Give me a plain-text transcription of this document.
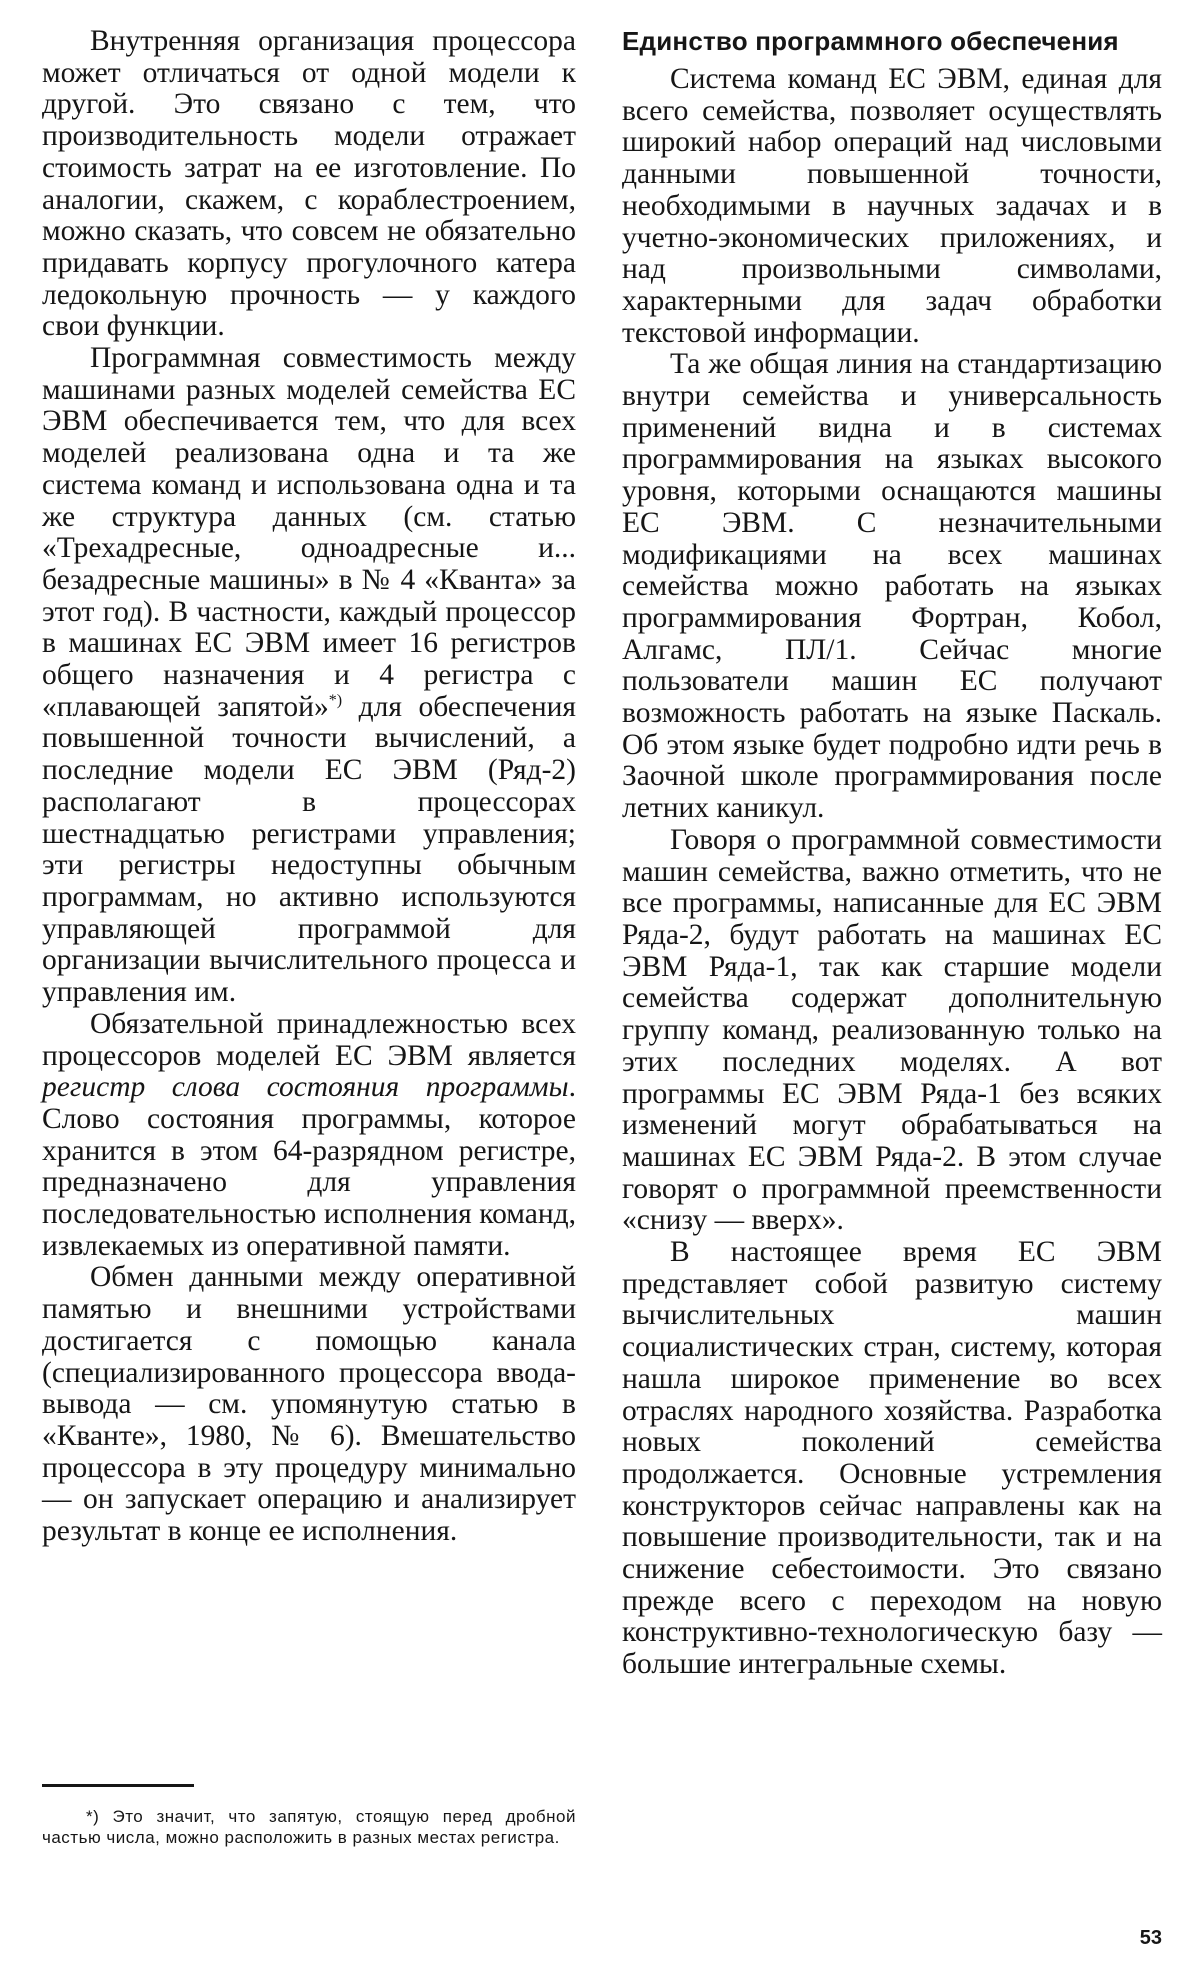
Внутренняя организация процессора может отличаться от одной модели к другой. Это связано с тем, что производительность модели отражает стоимость затрат на ее изготовление. По аналогии, скажем, с кораблестроением, можно сказать, что совсем не обязательно придавать корпусу прогулочного катера ледокольную прочность — у каждого свои функции.

Программная совместимость между машинами разных моделей семейства ЕС ЭВМ обеспечивается тем, что для всех моделей реализована одна и та же система команд и использована одна и та же структура данных (см. статью «Трехадресные, одноадресные и... безадресные машины» в № 4 «Кванта» за этот год). В частности, каждый процессор в машинах ЕС ЭВМ имеет 16 регистров общего назначения и 4 регистра с «плавающей запятой»*) для обеспечения повышенной точности вычислений, а последние модели ЕС ЭВМ (Ряд-2) располагают в процессорах шестнадцатью регистрами управления; эти регистры недоступны обычным программам, но активно используются управляющей программой для организации вычислительного процесса и управления им.

Обязательной принадлежностью всех процессоров моделей ЕС ЭВМ является регистр слова состояния программы. Слово состояния программы, которое хранится в этом 64-разрядном регистре, предназначено для управления последовательностью исполнения команд, извлекаемых из оперативной памяти.

Обмен данными между оперативной памятью и внешними устройствами достигается с помощью канала (специализированного процессора ввода-вывода — см. упомянутую статью в «Кванте», 1980, № 6). Вмешательство процессора в эту процедуру минимально — он запускает операцию и анализирует результат в конце ее исполнения.

*) Это значит, что запятую, стоящую перед дробной частью числа, можно расположить в разных местах регистра.
Единство программного обеспечения

Система команд ЕС ЭВМ, единая для всего семейства, позволяет осуществлять широкий набор операций над числовыми данными повышенной точности, необходимыми в научных задачах и в учетно-экономических приложениях, и над произвольными символами, характерными для задач обработки текстовой информации.

Та же общая линия на стандартизацию внутри семейства и универсальность применений видна и в системах программирования на языках высокого уровня, которыми оснащаются машины ЕС ЭВМ. С незначительными модификациями на всех машинах семейства можно работать на языках программирования Фортран, Кобол, Алгамс, ПЛ/1. Сейчас многие пользователи машин ЕС получают возможность работать на языке Паскаль. Об этом языке будет подробно идти речь в Заочной школе программирования после летних каникул.

Говоря о программной совместимости машин семейства, важно отметить, что не все программы, написанные для ЕС ЭВМ Ряда-2, будут работать на машинах ЕС ЭВМ Ряда-1, так как старшие модели семейства содержат дополнительную группу команд, реализованную только на этих последних моделях. А вот программы ЕС ЭВМ Ряда-1 без всяких изменений могут обрабатываться на машинах ЕС ЭВМ Ряда-2. В этом случае говорят о программной преемственности «снизу — вверх».

В настоящее время ЕС ЭВМ представляет собой развитую систему вычислительных машин социалистических стран, систему, которая нашла широкое применение во всех отраслях народного хозяйства. Разработка новых поколений семейства продолжается. Основные устремления конструкторов сейчас направлены как на повышение производительности, так и на снижение себестоимости. Это связано прежде всего с переходом на новую конструктивно-технологическую базу — большие интегральные схемы.

53
